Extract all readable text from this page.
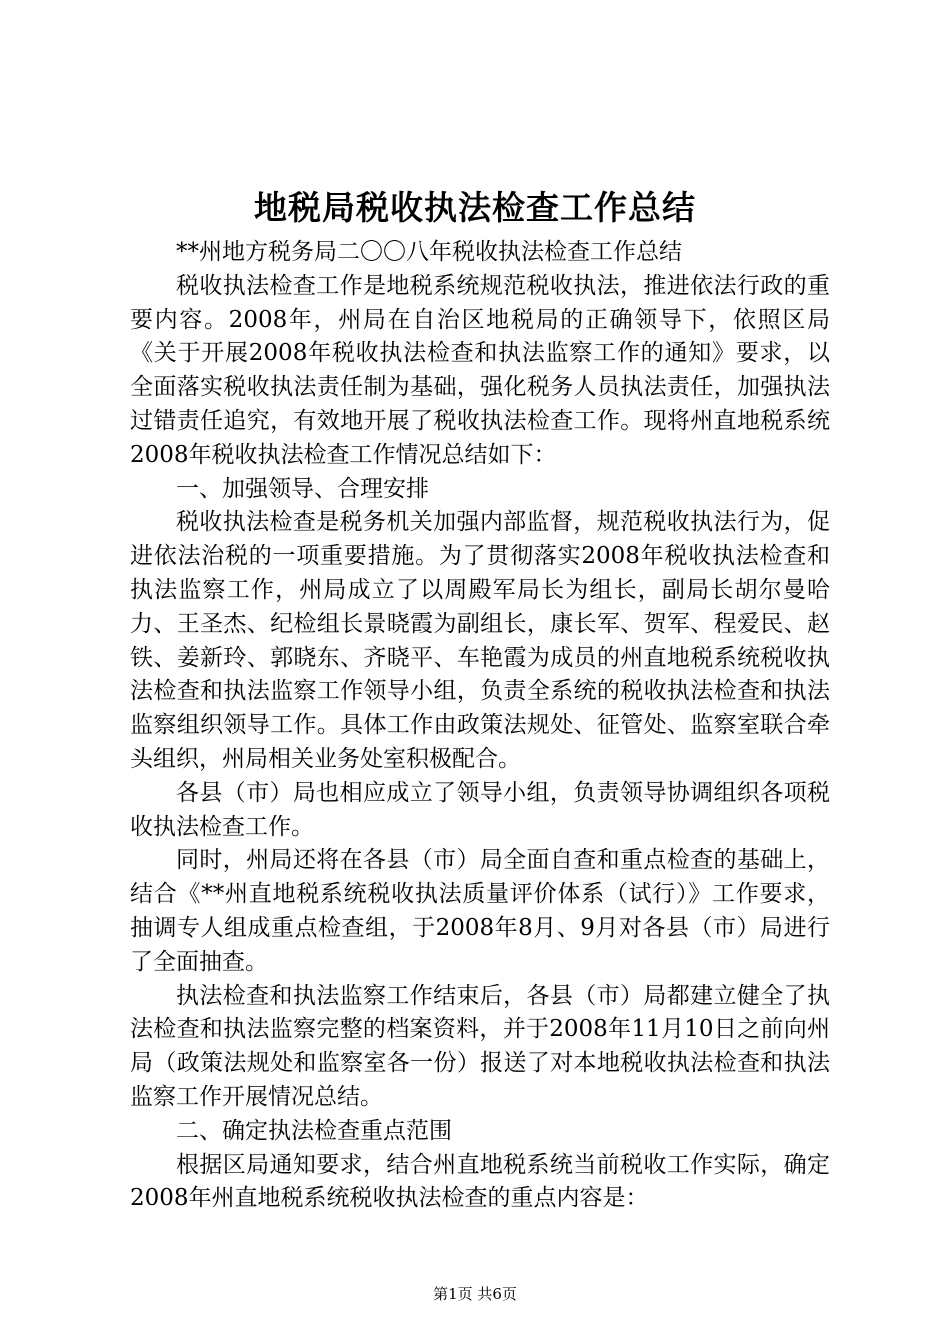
地税局税收执法检查工作总结

**州地方税务局二〇〇八年税收执法检查工作总结

税收执法检查工作是地税系统规范税收执法，推进依法行政的重要内容。2008年，州局在自治区地税局的正确领导下，依照区局《关于开展2008年税收执法检查和执法监察工作的通知》要求，以全面落实税收执法责任制为基础，强化税务人员执法责任，加强执法过错责任追究，有效地开展了税收执法检查工作。现将州直地税系统2008年税收执法检查工作情况总结如下：

一、加强领导、合理安排

税收执法检查是税务机关加强内部监督，规范税收执法行为，促进依法治税的一项重要措施。为了贯彻落实2008年税收执法检查和执法监察工作，州局成立了以周殿军局长为组长，副局长胡尔曼哈力、王圣杰、纪检组长景晓霞为副组长，康长军、贺军、程爱民、赵铁、姜新玲、郭晓东、齐晓平、车艳霞为成员的州直地税系统税收执法检查和执法监察工作领导小组，负责全系统的税收执法检查和执法监察组织领导工作。具体工作由政策法规处、征管处、监察室联合牵头组织，州局相关业务处室积极配合。

各县（市）局也相应成立了领导小组，负责领导协调组织各项税收执法检查工作。

同时，州局还将在各县（市）局全面自查和重点检查的基础上，结合《**州直地税系统税收执法质量评价体系（试行）》工作要求，抽调专人组成重点检查组，于2008年8月、9月对各县（市）局进行了全面抽查。

执法检查和执法监察工作结束后，各县（市）局都建立健全了执法检查和执法监察完整的档案资料，并于2008年11月10日之前向州局（政策法规处和监察室各一份）报送了对本地税收执法检查和执法监察工作开展情况总结。

二、确定执法检查重点范围

根据区局通知要求，结合州直地税系统当前税收工作实际，确定2008年州直地税系统税收执法检查的重点内容是：

第1页 共6页
